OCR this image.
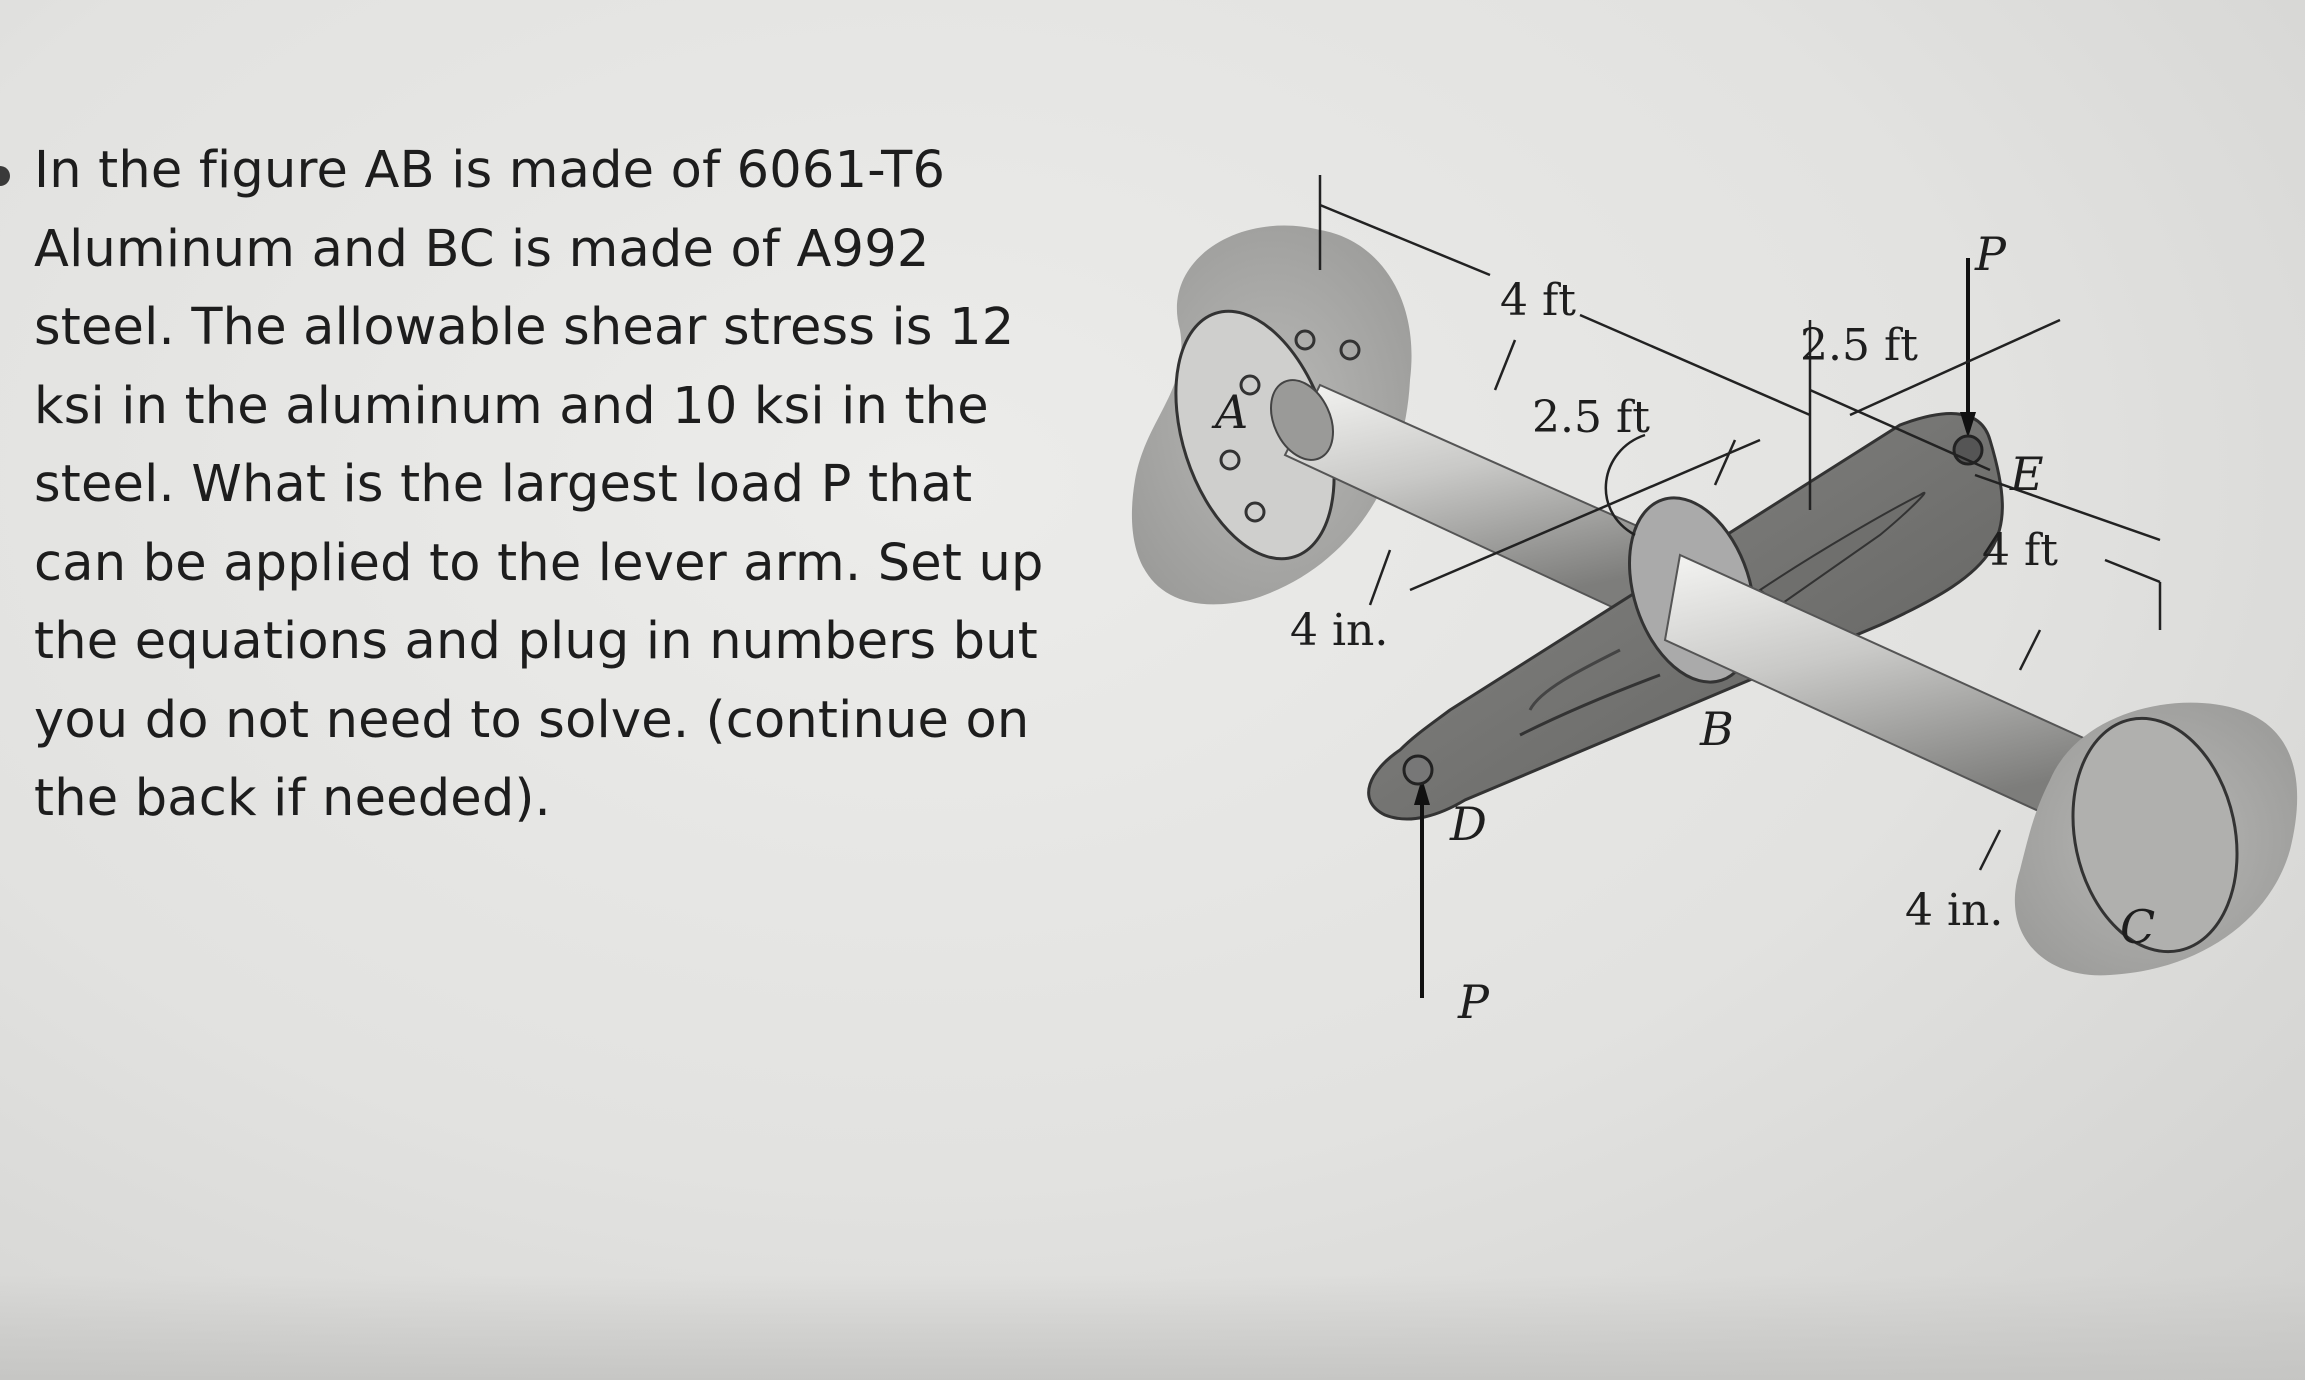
In the figure AB is made of 6061-T6
Aluminum and BC is made of A992
steel. The allowable shear stress is 12
ksi in the aluminum and 10 ksi in the
steel. What is the largest load P that
can be applied to the lever arm. Set up
the equations and plug in numbers but
you do not need to solve. (continue on
the back if needed).
A
B
C
D
E
P
P
4 ft
2.5 ft
2.5 ft
4 ft
4 in.
4 in.
